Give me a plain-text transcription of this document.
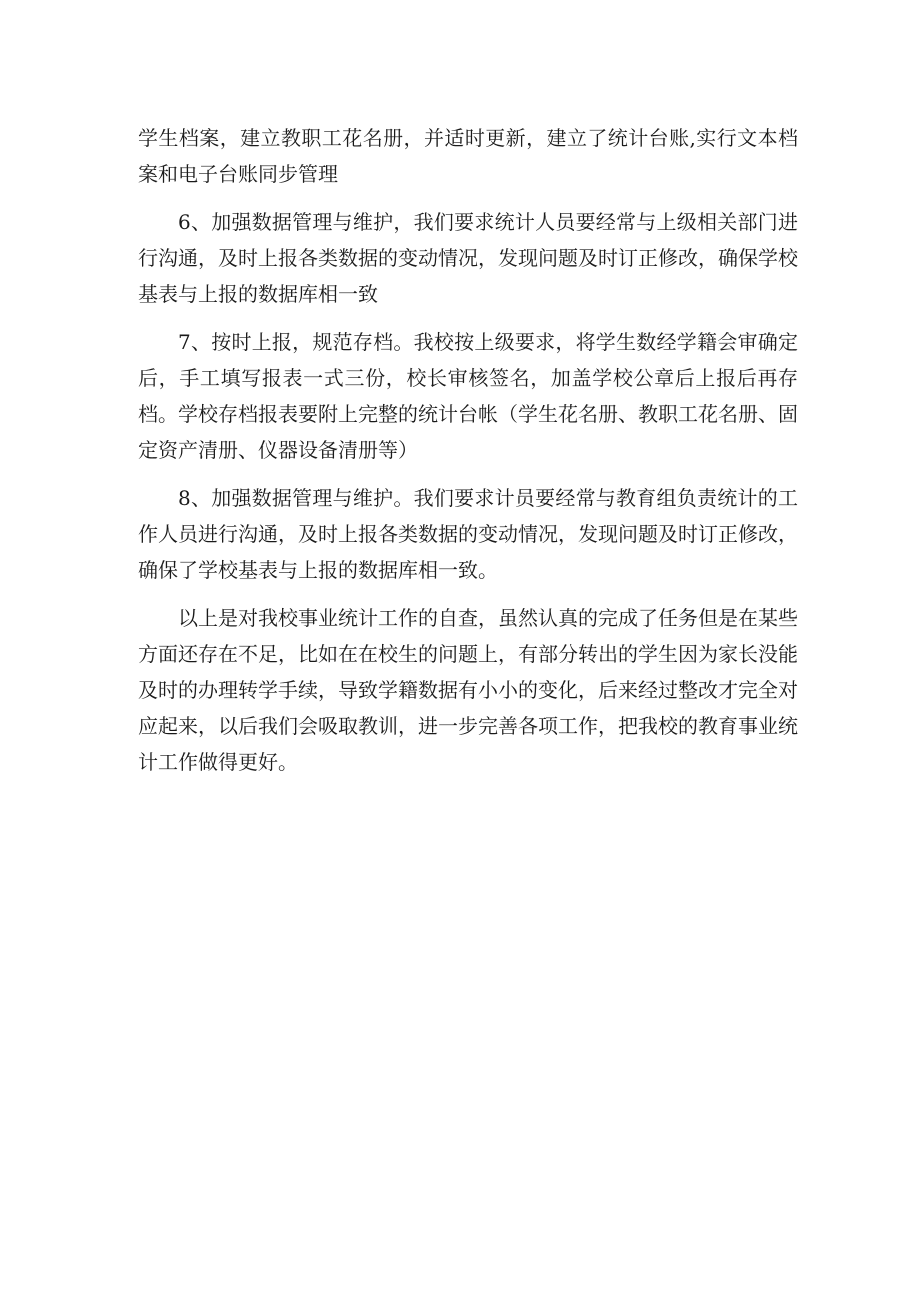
学生档案，建立教职工花名册，并适时更新，建立了统计台账,实行文本档案和电子台账同步管理

6、加强数据管理与维护，我们要求统计人员要经常与上级相关部门进行沟通，及时上报各类数据的变动情况，发现问题及时订正修改，确保学校基表与上报的数据库相一致

7、按时上报，规范存档。我校按上级要求，将学生数经学籍会审确定后，手工填写报表一式三份，校长审核签名，加盖学校公章后上报后再存档。学校存档报表要附上完整的统计台帐（学生花名册、教职工花名册、固定资产清册、仪器设备清册等）

8、加强数据管理与维护。我们要求计员要经常与教育组负责统计的工作人员进行沟通，及时上报各类数据的变动情况，发现问题及时订正修改，确保了学校基表与上报的数据库相一致。

以上是对我校事业统计工作的自查，虽然认真的完成了任务但是在某些方面还存在不足，比如在在校生的问题上，有部分转出的学生因为家长没能及时的办理转学手续，导致学籍数据有小小的变化，后来经过整改才完全对应起来，以后我们会吸取教训，进一步完善各项工作，把我校的教育事业统计工作做得更好。
